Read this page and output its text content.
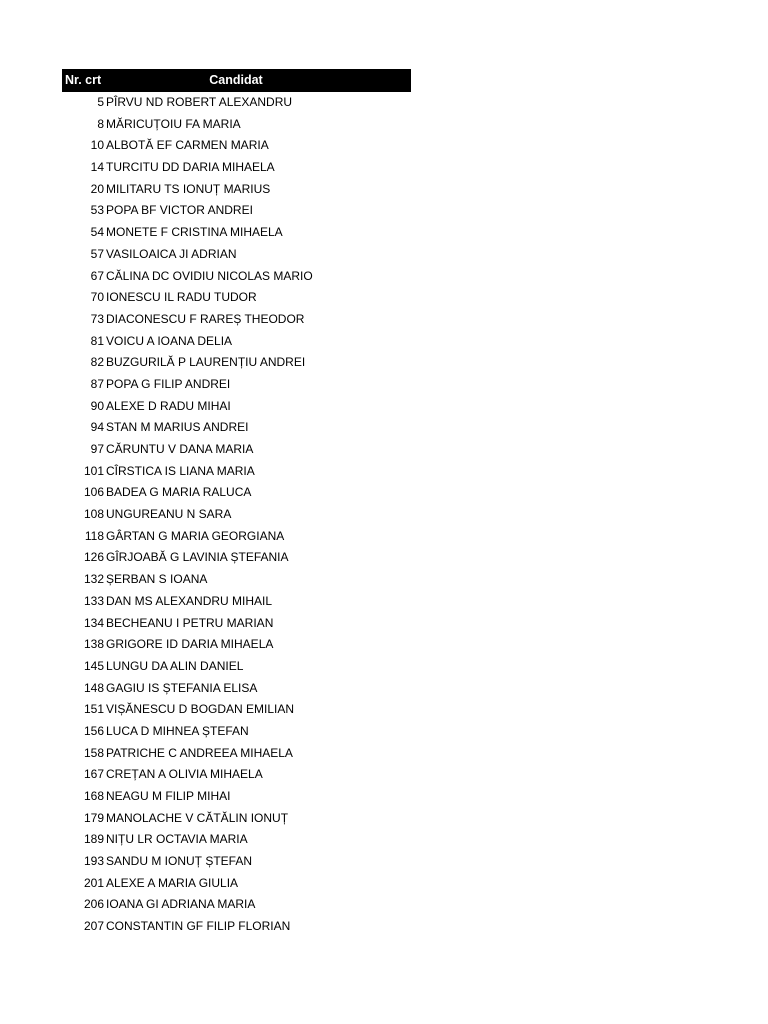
Nr. crt	Candidat
5 PÎRVU ND ROBERT ALEXANDRU
8 MĂRICUȚOIU FA MARIA
10 ALBOTĂ EF CARMEN MARIA
14 TURCITU DD DARIA MIHAELA
20 MILITARU TS IONUȚ MARIUS
53 POPA BF VICTOR ANDREI
54 MONETE F CRISTINA MIHAELA
57 VASILOAICA JI ADRIAN
67 CĂLINA DC OVIDIU NICOLAS MARIO
70 IONESCU IL RADU TUDOR
73 DIACONESCU F RAREȘ THEODOR
81 VOICU A IOANA DELIA
82 BUZGURILĂ P LAURENȚIU ANDREI
87 POPA G FILIP ANDREI
90 ALEXE D RADU MIHAI
94 STAN M MARIUS ANDREI
97 CĂRUNTU V DANA MARIA
101 CÎRSTICA IS LIANA MARIA
106 BADEA G MARIA RALUCA
108 UNGUREANU N SARA
118 GÂRTAN G MARIA GEORGIANA
126 GÎRJOABĂ G LAVINIA ȘTEFANIA
132 ȘERBAN S IOANA
133 DAN MS ALEXANDRU MIHAIL
134 BECHEANU I PETRU MARIAN
138 GRIGORE ID DARIA MIHAELA
145 LUNGU DA ALIN DANIEL
148 GAGIU IS ȘTEFANIA ELISA
151 VIȘĂNESCU D BOGDAN EMILIAN
156 LUCA D MIHNEA ȘTEFAN
158 PATRICHE C ANDREEA MIHAELA
167 CREȚAN A OLIVIA MIHAELA
168 NEAGU M FILIP MIHAI
179 MANOLACHE V CĂTĂLIN IONUȚ
189 NIȚU LR OCTAVIA MARIA
193 SANDU M IONUȚ ȘTEFAN
201 ALEXE A MARIA GIULIA
206 IOANA GI ADRIANA MARIA
207 CONSTANTIN GF FILIP FLORIAN
